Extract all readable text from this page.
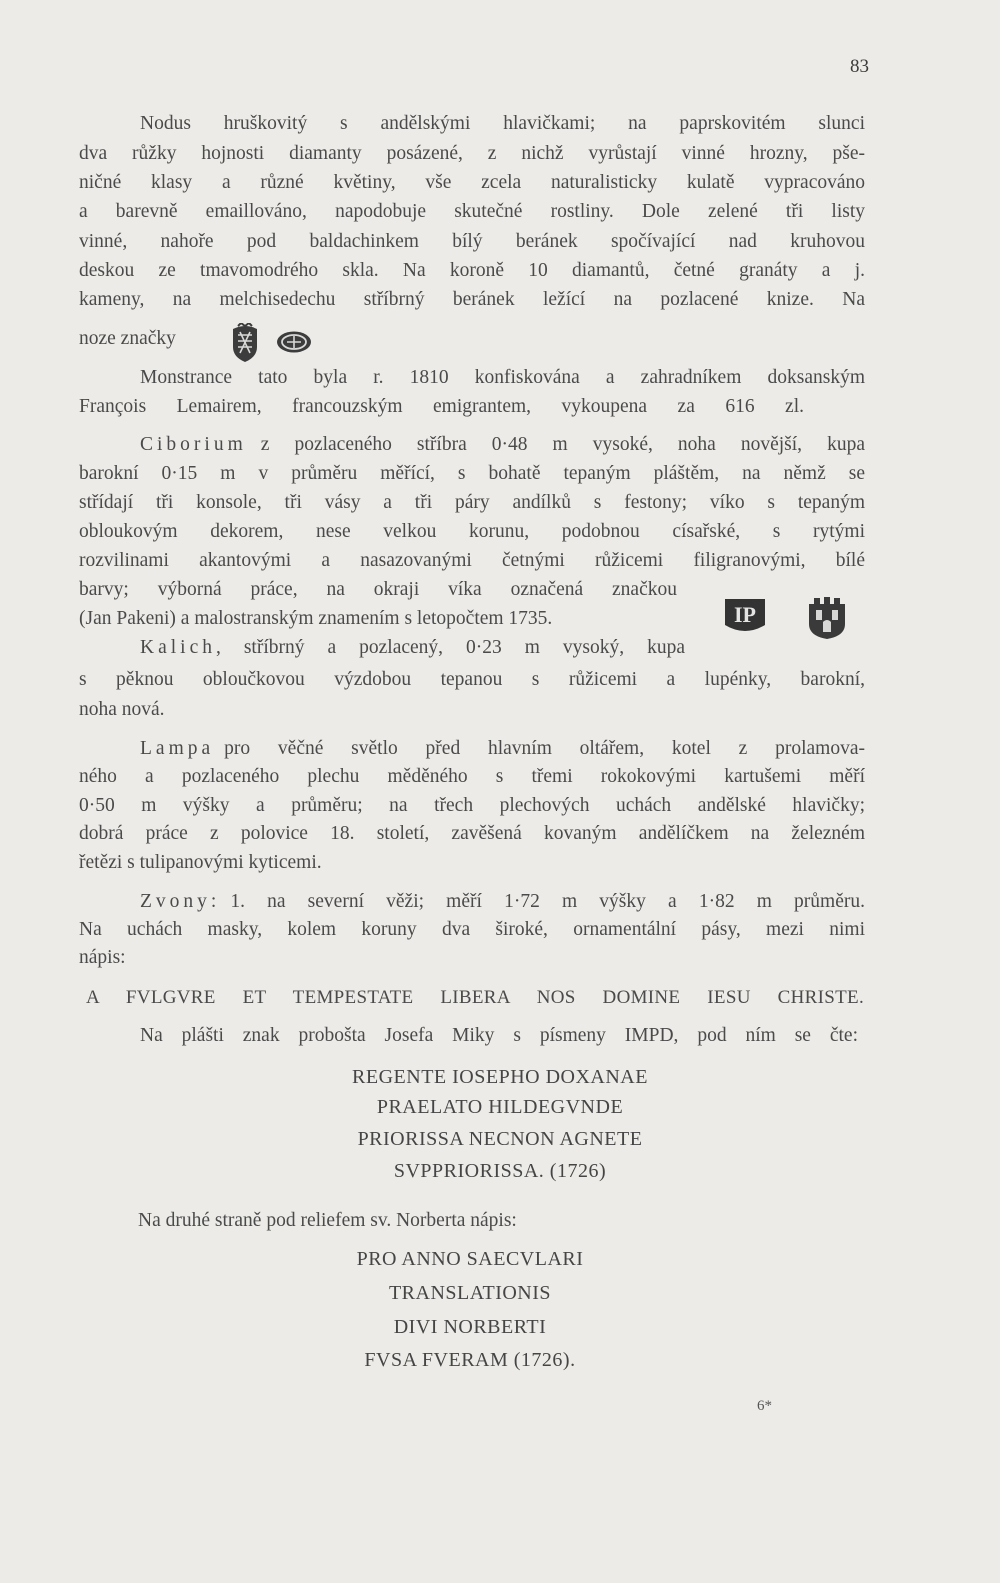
83
Nodus hruškovitý s andělskými hlavičkami; na paprskovitém slunci
dva růžky hojnosti diamanty posázené, z nichž vyrůstají vinné hrozny, pše-
ničné klasy a různé květiny, vše zcela naturalisticky kulatě vypracováno
a barevně emaillováno, napodobuje skutečné rostliny. Dole zelené tři listy
vinné, nahoře pod baldachinkem bílý beránek spočívající nad kruhovou
deskou ze tmavomodrého skla. Na koroně 10 diamantů, četné granáty a j.
kameny, na melchisedechu stříbrný beránek ležící na pozlacené knize. Na
noze značky
Monstrance tato byla r. 1810 konfiskována a zahradníkem doksanským
François Lemairem, francouzským emigrantem, vykoupena za 616 zl.
Ciborium z pozlaceného stříbra 0·48 m vysoké, noha novější, kupa
barokní 0·15 m v průměru měřící, s bohatě tepaným pláštěm, na němž se
střídají tři konsole, tři vásy a tři páry andílků s festony; víko s tepaným
obloukovým dekorem, nese velkou korunu, podobnou císařské, s rytými
rozvilinami akantovými a nasazovanými četnými růžicemi filigranovými, bílé
barvy; výborná práce, na okraji víka označená značkou
(Jan Pakeni) a malostranským znamením s letopočtem 1735.	IP
Kalich , stříbrný a pozlacený, 0·23 m vysoký, kupa
s pěknou obloučkovou výzdobou tepanou s růžicemi a lupénky, barokní,
noha nová.
Lampa pro věčné světlo před hlavním oltářem, kotel z prolamova-
ného a pozlaceného plechu měděného s třemi rokokovými kartušemi měří
0·50 m výšky a průměru; na třech plechových uchách andělské hlavičky;
dobrá práce z polovice 18. století, zavěšená kovaným andělíčkem na železném
řetězi s tulipanovými kyticemi.
Zvony: 1. na severní věži; měří 1·72 m výšky a 1·82 m průměru.
Na uchách masky, kolem koruny dva široké, ornamentální pásy, mezi nimi
nápis:
A FVLGVRE ET TEMPESTATE LIBERA NOS DOMINE IESU CHRISTE.
Na plášti znak probošta Josefa Miky s písmeny IMPD, pod ním se čte:
REGENTE IOSEPHO DOXANAE
PRAELATO HILDEGVNDE
PRIORISSA NECNON AGNETE
SVPPRIORISSA. (1726)
Na druhé straně pod reliefem sv. Norberta nápis:
PRO ANNO SAECVLARI
TRANSLATIONIS
DIVI NORBERTI
FVSA FVERAM (1726).
6*
